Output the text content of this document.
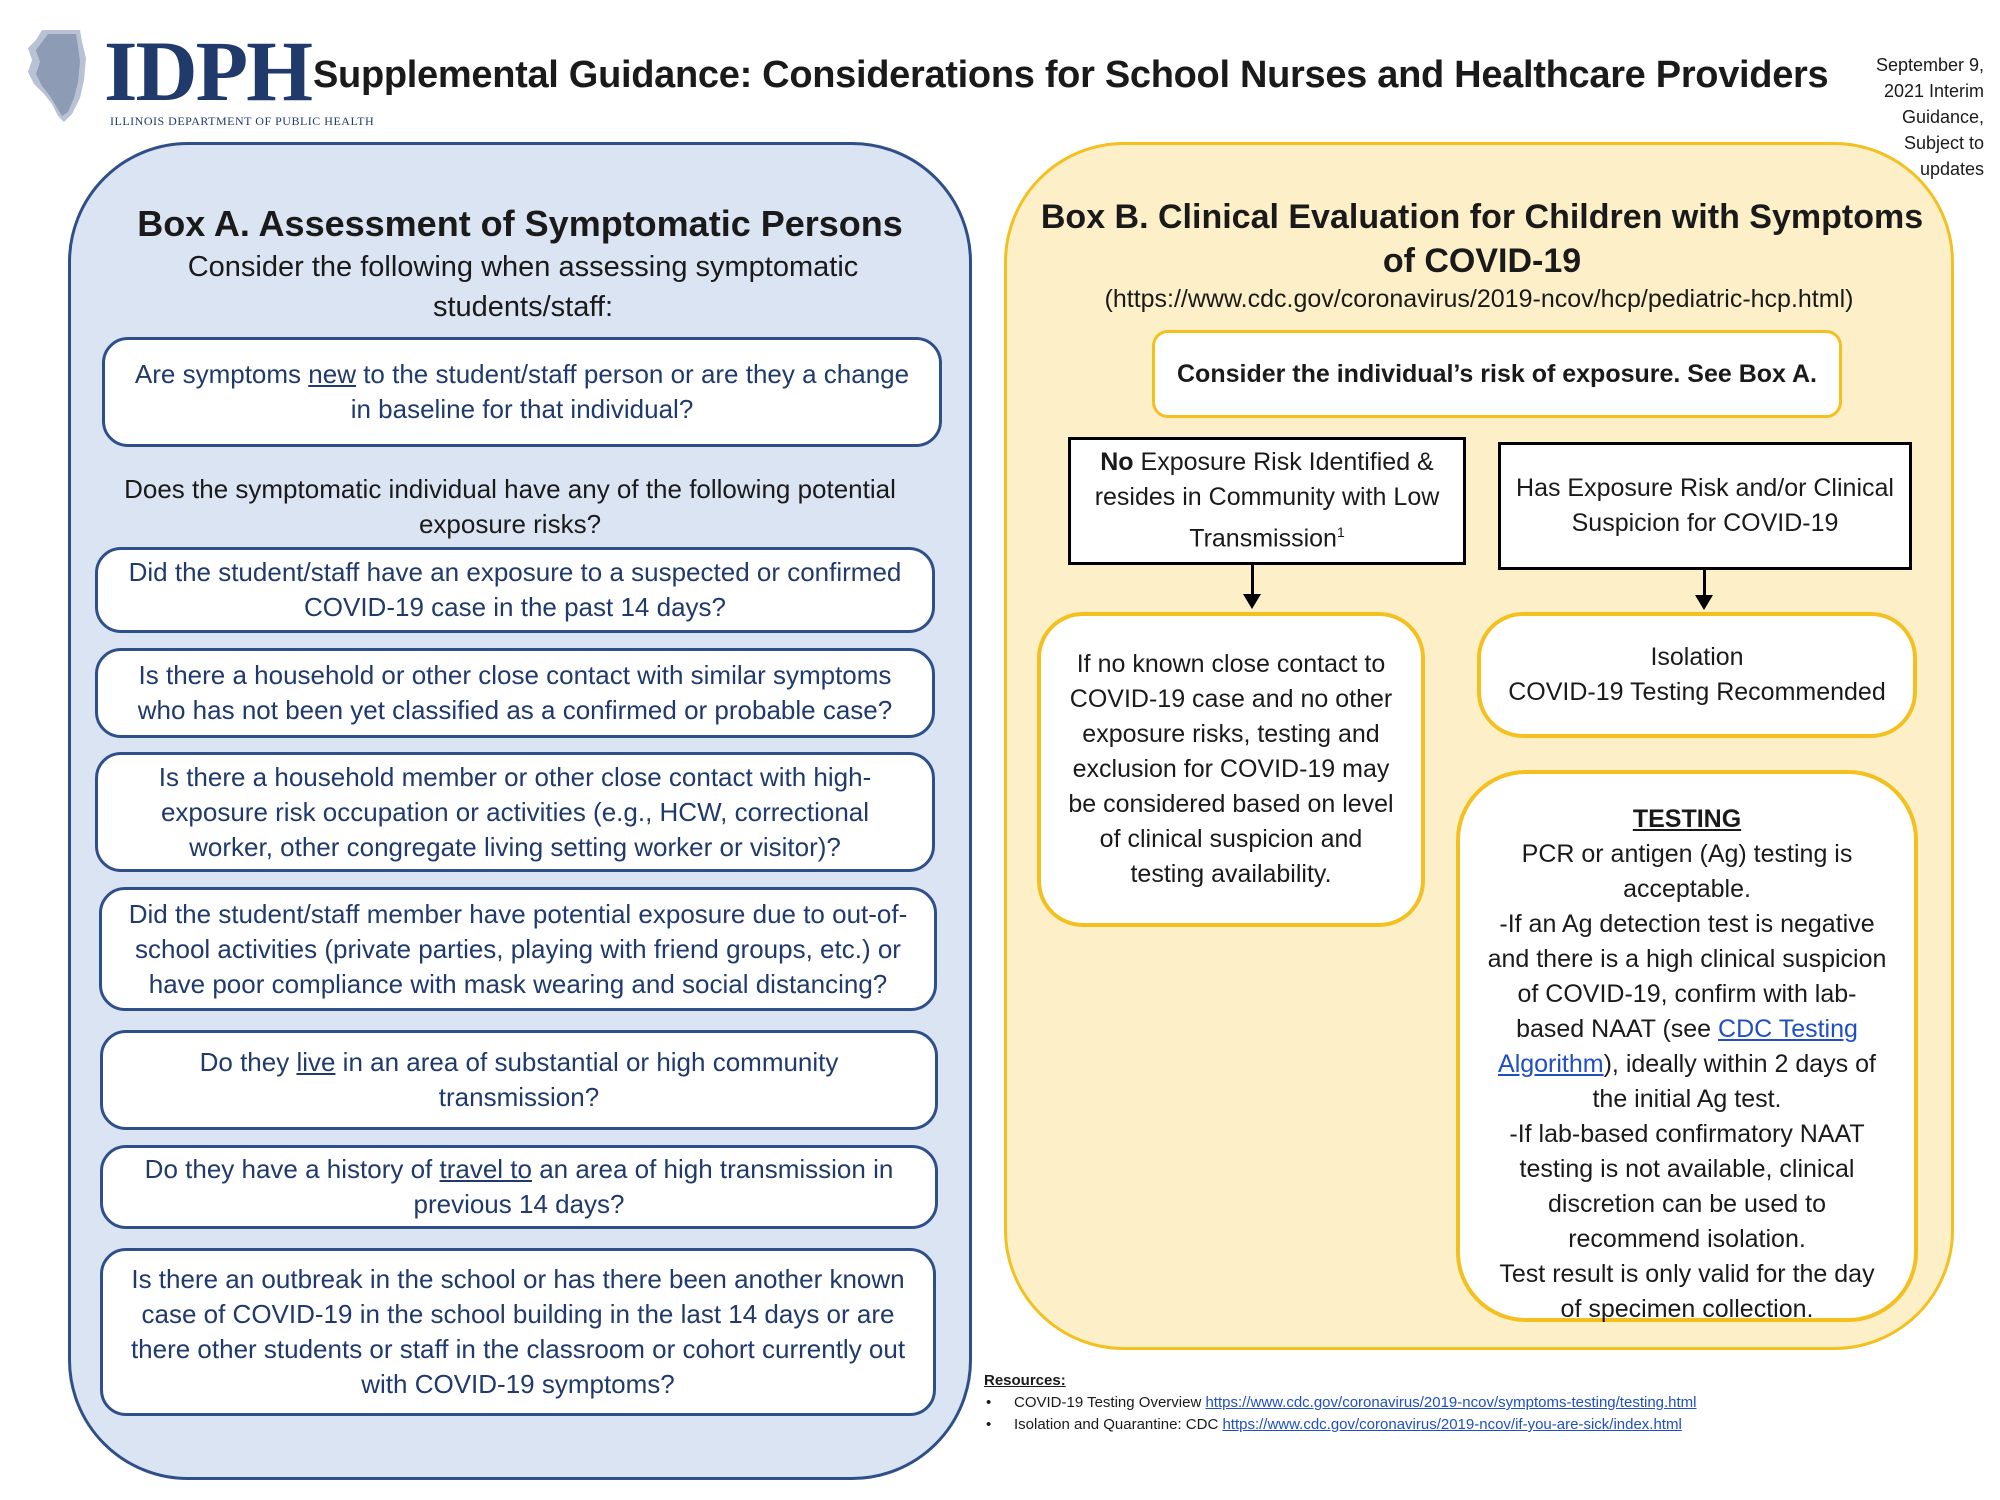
IDPH
ILLINOIS DEPARTMENT OF PUBLIC HEALTH
Supplemental Guidance: Considerations for School Nurses and Healthcare Providers	September 9, 2021 Interim Guidance, Subject to updates
Box A. Assessment of Symptomatic Persons
Consider the following when assessing symptomatic students/staff:
Are symptoms new to the student/staff person or are they a change in baseline for that individual?
Does the symptomatic individual have any of the following potential exposure risks?
Did the student/staff have an exposure to a suspected or confirmed COVID-19 case in the past 14 days?
Is there a household or other close contact with similar symptoms who has not been yet classified as a confirmed or probable case?
Is there a household member or other close contact with high-exposure risk occupation or activities (e.g., HCW, correctional worker, other congregate living setting worker or visitor)?
Did the student/staff member have potential exposure due to out-of-school activities (private parties, playing with friend groups, etc.) or have poor compliance with mask wearing and social distancing?
Do they live in an area of substantial or high community transmission?
Do they have a history of travel to an area of high transmission in previous 14 days?
Is there an outbreak in the school or has there been another known case of COVID-19 in the school building in the last 14 days or are there other students or staff in the classroom or cohort currently out with COVID-19 symptoms?
Box B. Clinical Evaluation for Children with Symptoms of COVID-19
(https://www.cdc.gov/coronavirus/2019-ncov/hcp/pediatric-hcp.html)
Consider the individual’s risk of exposure. See Box A.
No Exposure Risk Identified & resides in Community with Low Transmission$^1$
Has Exposure Risk and/or Clinical Suspicion for COVID-19
If no known close contact to COVID-19 case and no other exposure risks, testing and exclusion for COVID-19 may be considered based on level of clinical suspicion and testing availability.
Isolation
COVID-19 Testing Recommended
TESTING
PCR or antigen (Ag) testing is acceptable.
-If an Ag detection test is negative and there is a high clinical suspicion of COVID-19, confirm with lab-based NAAT (see CDC Testing Algorithm), ideally within 2 days of the initial Ag test.
-If lab-based confirmatory NAAT testing is not available, clinical discretion can be used to recommend isolation.
Test result is only valid for the day of specimen collection.
Resources:
• COVID-19 Testing Overview https://www.cdc.gov/coronavirus/2019-ncov/symptoms-testing/testing.html
• Isolation and Quarantine: CDC https://www.cdc.gov/coronavirus/2019-ncov/if-you-are-sick/index.html
